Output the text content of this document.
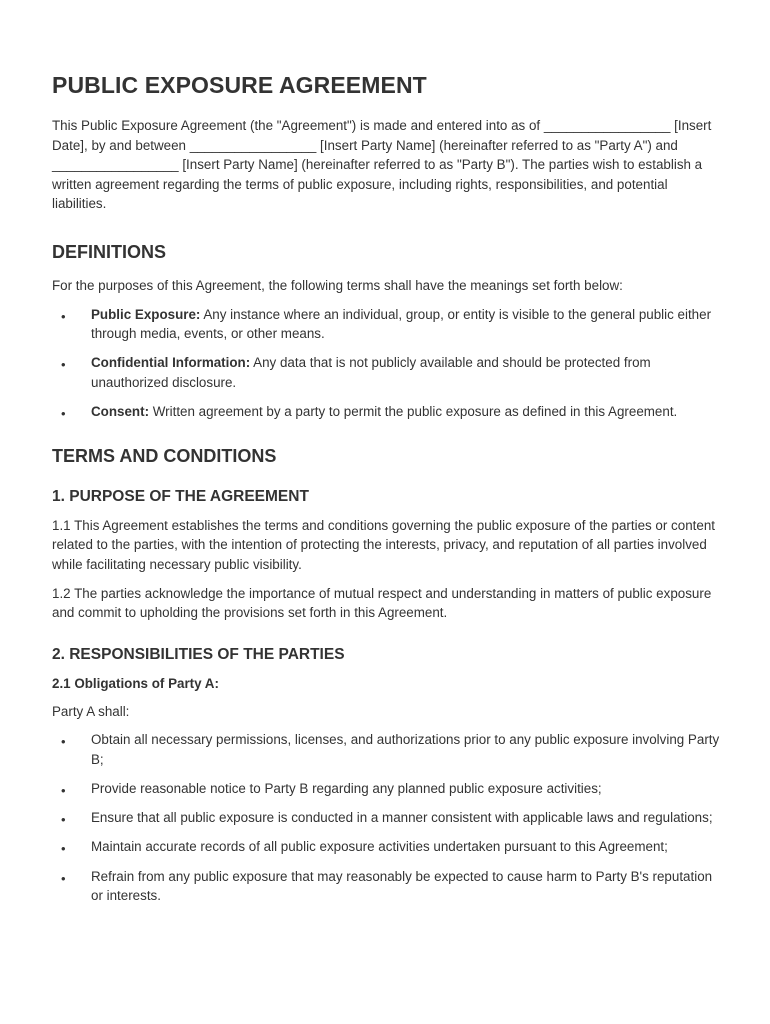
PUBLIC EXPOSURE AGREEMENT

This Public Exposure Agreement (the "Agreement") is made and entered into as of _________________ [Insert Date], by and between _________________ [Insert Party Name] (hereinafter referred to as "Party A") and _________________ [Insert Party Name] (hereinafter referred to as "Party B"). The parties wish to establish a written agreement regarding the terms of public exposure, including rights, responsibilities, and potential liabilities.

DEFINITIONS

For the purposes of this Agreement, the following terms shall have the meanings set forth below:

• Public Exposure: Any instance where an individual, group, or entity is visible to the general public either through media, events, or other means.
• Confidential Information: Any data that is not publicly available and should be protected from unauthorized disclosure.
• Consent: Written agreement by a party to permit the public exposure as defined in this Agreement.
TERMS AND CONDITIONS
1. PURPOSE OF THE AGREEMENT

1.1 This Agreement establishes the terms and conditions governing the public exposure of the parties or content related to the parties, with the intention of protecting the interests, privacy, and reputation of all parties involved while facilitating necessary public visibility.

1.2 The parties acknowledge the importance of mutual respect and understanding in matters of public exposure and commit to upholding the provisions set forth in this Agreement.

2. RESPONSIBILITIES OF THE PARTIES
2.1 Obligations of Party A:

Party A shall:

• Obtain all necessary permissions, licenses, and authorizations prior to any public exposure involving Party B;
• Provide reasonable notice to Party B regarding any planned public exposure activities;
• Ensure that all public exposure is conducted in a manner consistent with applicable laws and regulations;
• Maintain accurate records of all public exposure activities undertaken pursuant to this Agreement;
• Refrain from any public exposure that may reasonably be expected to cause harm to Party B's reputation or interests.
